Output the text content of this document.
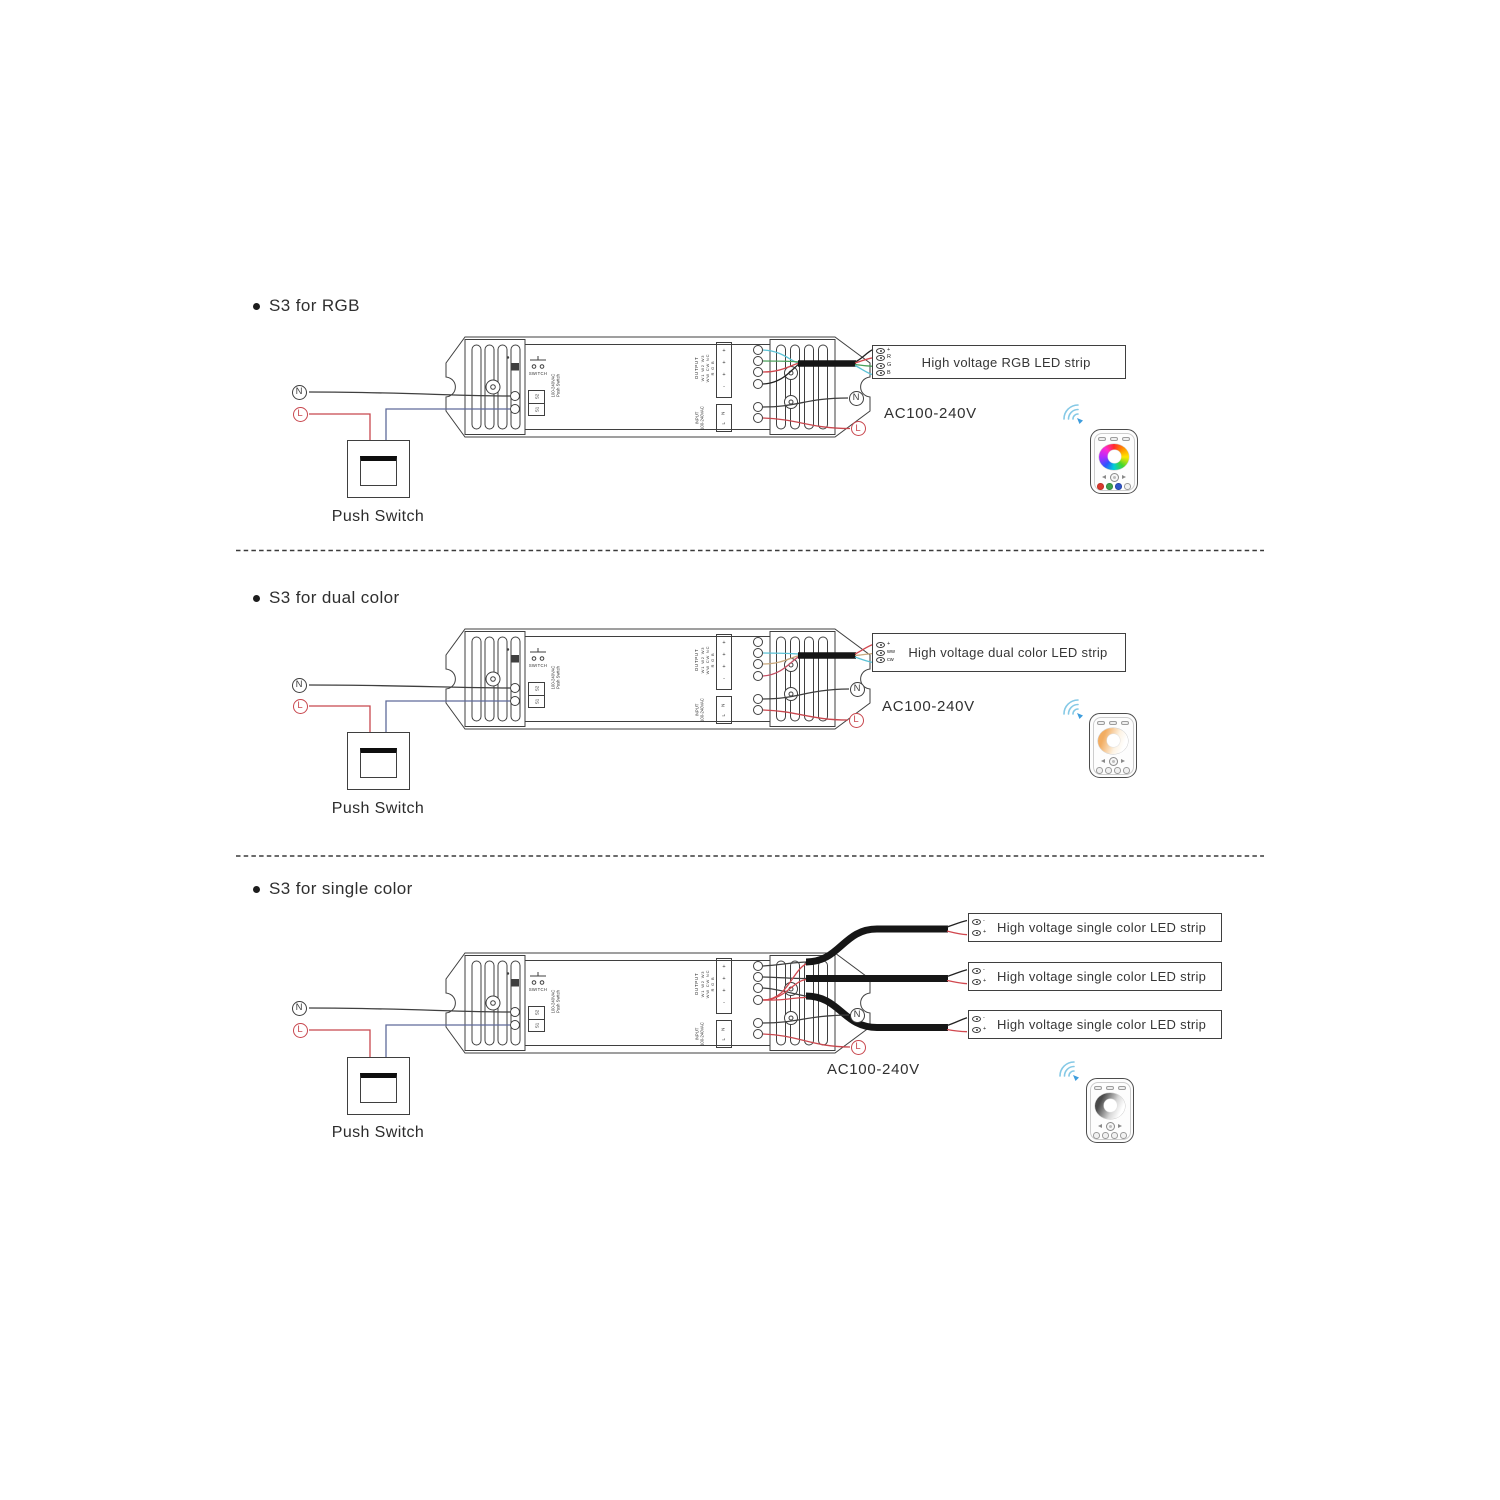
S3 for RGB
N
L
Push Switch
SWITCH
100-240VAC Push Switch
S2
S1
OUTPUT W1 W2 W3 WW CW NC R G B
+
+
+
-
INPUT 100-240VAC	N
L
+
R
G
B
High voltage RGB LED strip
N
L
AC100-240V
S3 for dual color
N
L
Push Switch
SWITCH
100-240VAC Push Switch
S2
S1
OUTPUT W1 W2 W3 WW CW NC R G B
+
+
+
-
INPUT 100-240VAC	N
L
+
ww
cw	High voltage dual color LED strip
N
L
AC100-240V
S3 for single color
N
L
Push Switch
SWITCH
100-240VAC Push Switch
S2
S1
OUTPUT W1 W2 W3 WW CW NC R G B
+
+
+
-
INPUT 100-240VAC	N
L
-
+ High voltage single color LED strip
-
+ High voltage single color LED strip
-
+ High voltage single color LED strip
N
L
AC100-240V
